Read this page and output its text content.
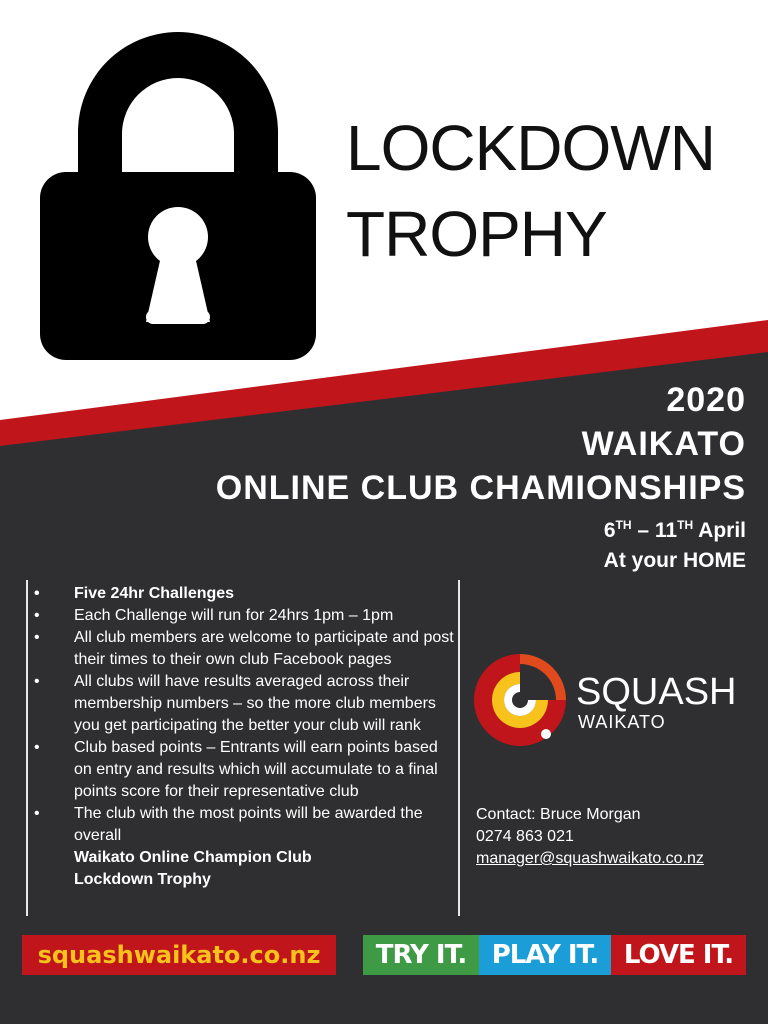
LOCKDOWN
TROPHY
2020
WAIKATO
ONLINE CLUB CHAMIONSHIPS
6TH – 11TH April
At your HOME
• Five 24hr Challenges
• Each Challenge will run for 24hrs 1pm – 1pm
• All club members are welcome to participate and post their times to their own club Facebook pages
• All clubs will have results averaged across their membership numbers – so the more club members you get participating the better your club will rank
• Club based points – Entrants will earn points based on entry and results which will accumulate to a final points score for their representative club
• The club with the most points will be awarded the overall
Waikato Online Champion Club
Lockdown Trophy
SQUASH
WAIKATO
Contact: Bruce Morgan
0274 863 021
manager@squashwaikato.co.nz
squashwaikato.co.nz	TRY IT. PLAY IT. LOVE IT.
